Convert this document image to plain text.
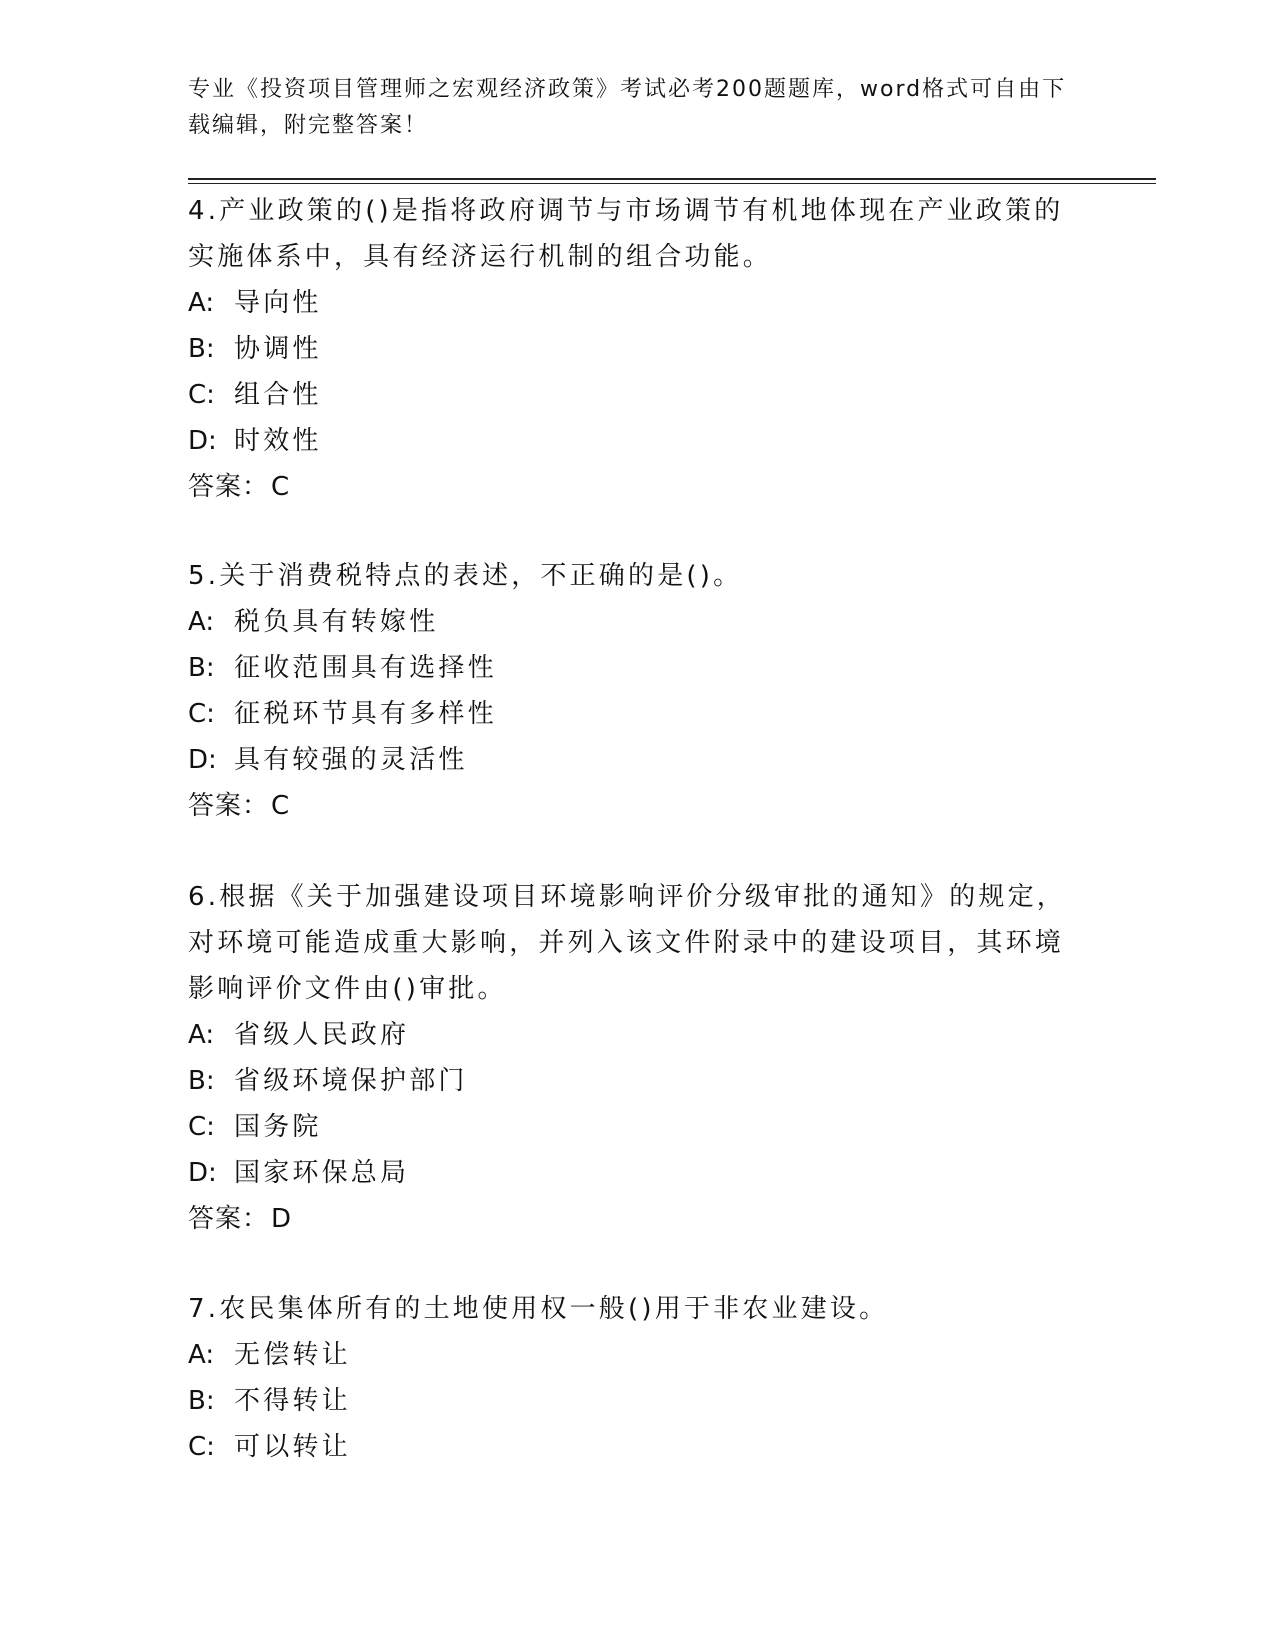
专业《投资项目管理师之宏观经济政策》考试必考200题题库，word格式可自由下载编辑，附完整答案！

4.产业政策的()是指将政府调节与市场调节有机地体现在产业政策的实施体系中，具有经济运行机制的组合功能。

A: 导向性

B: 协调性

C: 组合性

D: 时效性

答案：C

5.关于消费税特点的表述，不正确的是()。

A: 税负具有转嫁性

B: 征收范围具有选择性

C: 征税环节具有多样性

D: 具有较强的灵活性

答案：C

6.根据《关于加强建设项目环境影响评价分级审批的通知》的规定，对环境可能造成重大影响，并列入该文件附录中的建设项目，其环境影响评价文件由()审批。

A: 省级人民政府

B: 省级环境保护部门

C: 国务院

D: 国家环保总局

答案：D

7.农民集体所有的土地使用权一般()用于非农业建设。

A: 无偿转让

B: 不得转让

C: 可以转让
